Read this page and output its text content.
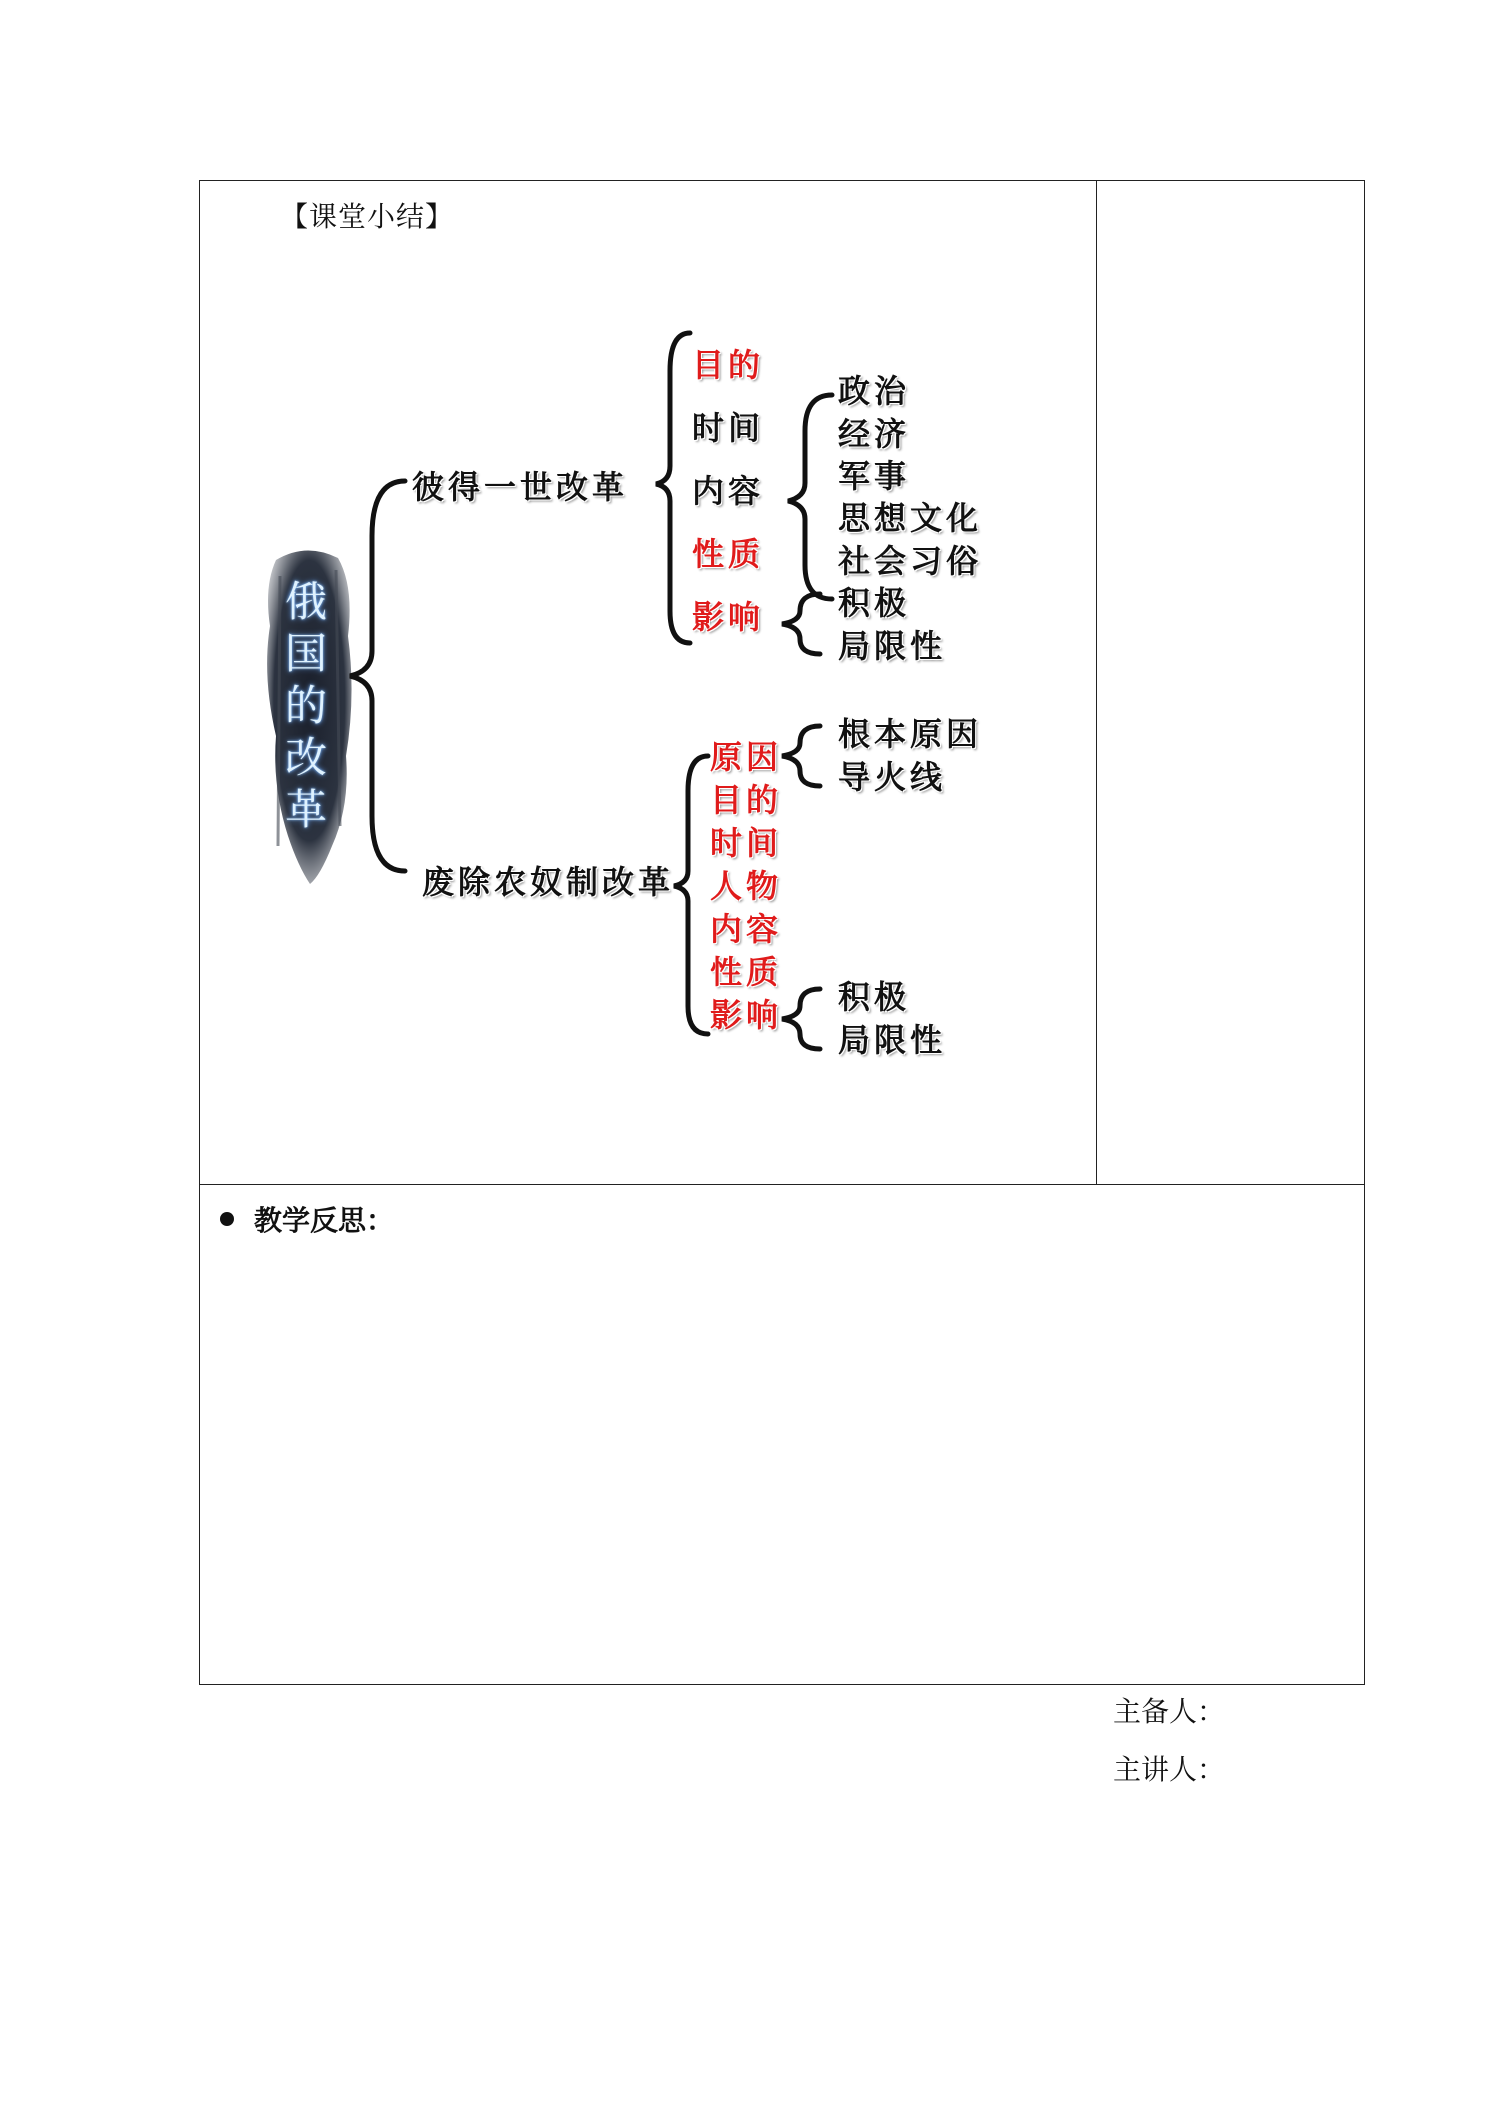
【课堂小结】
俄
国
的
改
革
彼得一世改革
目的
时间
内容
性质
影响
政治
经济
军事
思想文化
社会习俗
积极
局限性
废除农奴制改革
原因
目的
时间
人物
内容
性质
影响
根本原因
导火线
积极
局限性
教学反思：
主备人：
主讲人：
